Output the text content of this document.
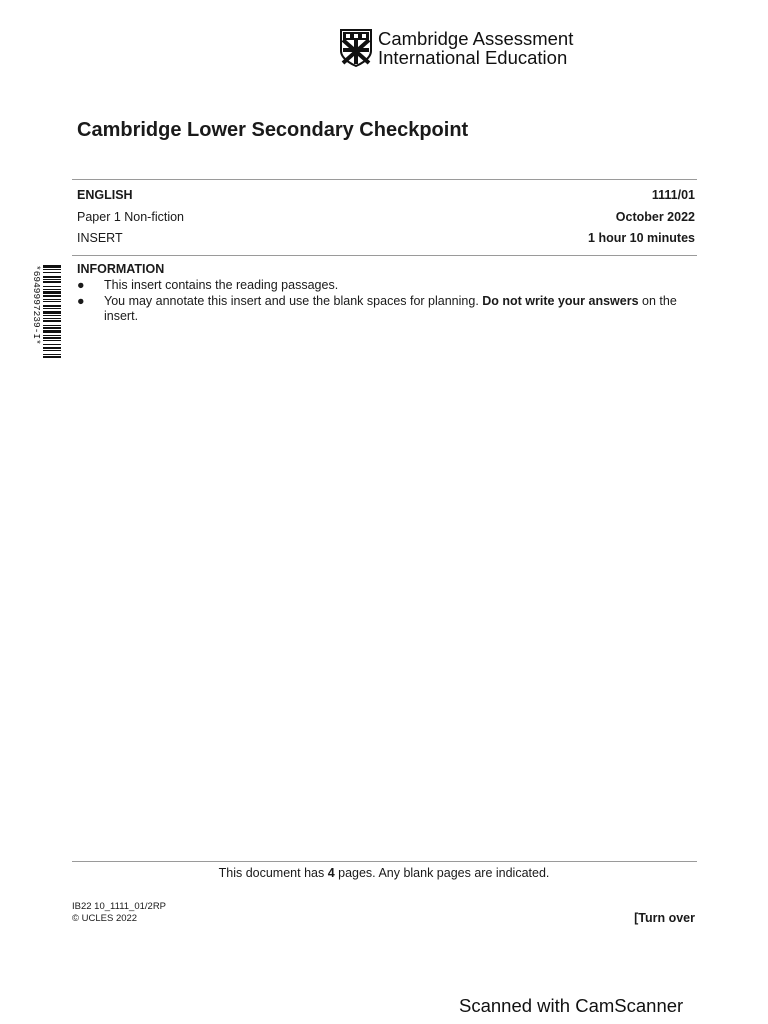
Cambridge Assessment
International Education
Cambridge Lower Secondary Checkpoint
ENGLISH	1111/01
Paper 1 Non-fiction	October 2022
INSERT	1 hour 10 minutes
INFORMATION
●	This insert contains the reading passages.
●	You may annotate this insert and use the blank spaces for planning. Do not write your answers on the insert.
*6949997239-I*
This document has 4 pages. Any blank pages are indicated.
IB22 10_1111_01/2RP
© UCLES 2022	[Turn over
Scanned with CamScanner
